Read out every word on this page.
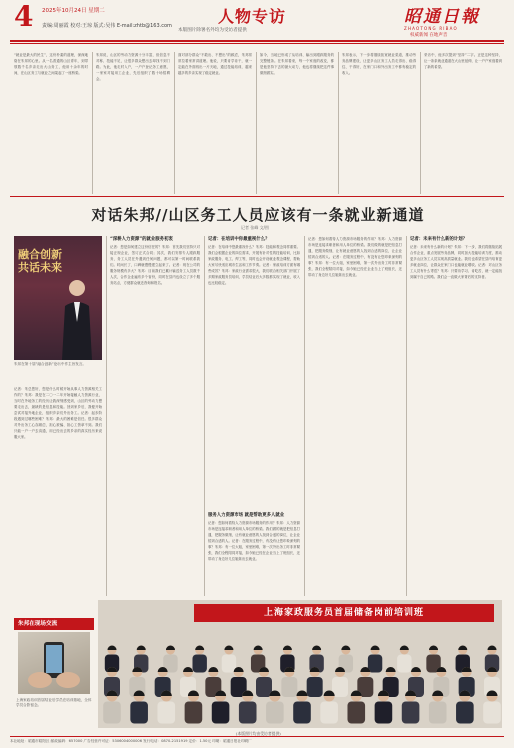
4 2025年10月24日 星期二
责编:周丽霞 校对:王琼 版式:吴伟 E-mail:zhtb@163.com	人物专访
本版图片除署名外均为受访者提供
昭通日報
ZHAOTONG RIBAO
权威新闻 在地声音
“就业是最大的民生”，这份朴素的道理，深深地烙在朱邦的心里。从一名普通的山区青年，到带领数千名乡亲走出大山务工，他用十余年的时间，在山区务工与就业之间架起了一座桥梁。
朱邦说，山区的劳动力资源十分丰富，但信息不对称、技能不足，让很多群众想出去却找不到门路。为此，他走村入户，一户户登记务工意愿，一家家对接用工企业，先后组织了数十场招聘会。
面对部分群众“不敢出、不想出”的顾虑，朱邦常常拉着家常讲道理。他说，只要肯学肯干，就一定能在外面闯出一片天地，通过技能培训，越来越多的乡亲实现了稳定就业。
如今，当地已形成了从培训、输出到跟踪服务的完整链条。在朱邦看来，每一个家庭的改变，都是他坚持下去的最大动力，他也将继续把这件事做细做实。
朱邦表示，下一步将继续拓宽就业渠道，推动劳务品牌建设，让更多山区务工人员走得出、稳得住、干得好，在家门口和外出务工中都有稳定的收入。
采访中，他多次提到“坚持”二字。正是这种坚持，让一条条就业通道在大山里延伸，让一户户家庭看到了新的希望。
对话朱邦//山区务工人员应该有一条就业新通道
记者 张峰 文/图
融合创新
共话未来
朱邦在第十届“融合创新”论坛中作主旨发言。
记者：朱总您好，您是什么时候开始从事人力资源相关工作的？朱邦：我是在二〇一二年开始接触人力资源行业，当时在外地务工的经历让我深刻感受到，山区的劳动力想要走出去，最缺的是信息和技能。回到家乡后，我便开始尝试对接外地企业，组织乡亲们外出务工。记者：起步阶段遇到过哪些困难？朱邦：最大的困难是信任。很多群众对外出务工心存顾虑，担心被骗、担心工资拿不到。我们只能一户一户去沟通，用已经出去的乡亲的真实经历来说服大家。
“深耕人力资源”的就业服务初衷
记者：您是如何建立这份信任的？朱邦：首先我们坚持只对接正规企业，签订正式合同；其次，我们安排专人跟踪服务，务工人员在外遇到任何问题，都可以第一时间联系我们。时间长了，口碑就慢慢建立起来了。记者：现在公司的服务规模有多大？朱邦：目前我们已累计输送务工人员数千人次，合作企业遍布多个省份，同时在县内也设立了多个服务站点，方便群众就近咨询和报名。
记者：在培训中你最重视什么？
记者：在培训中您最重视什么？朱邦：技能和观念同样重要。我们会根据企业的岗位需求，开展有针对性的技能培训，比如家政服务、电工、焊工等，同时也会开设就业观念课程，帮助大家尽快适应城市生活和工作节奏。记者：家政培训方面有哪些成效？朱邦：家政行业需求很大，我们联合相关部门开展了多期家政服务员培训，学员结业后大多数都实现了就业，收入也比较稳定。
服务人力资源市场 就是帮助更多人就业
记者：您如何看待人力资源市场服务的作用？朱邦：人力资源市场是连接求职者和用人单位的桥梁。我们做的就是把信息打通，把服务做细，让有就业意愿的人找到合适的岗位，让企业招到合适的人。记者：在服务过程中，有没有让您印象深刻的事？朱邦：有一位大姐，家里困难，第一次外出务工时非常紧张，我们全程陪同对接，如今她已经在企业当上了班组长，还带动了身边好几位姐妹出去就业。
记者：您如何看待人力资源市场服务的作用？朱邦：人力资源市场是连接求职者和用人单位的桥梁。我们做的就是把信息打通，把服务做细，让有就业意愿的人找到合适的岗位，让企业招到合适的人。记者：在服务过程中，有没有让您印象深刻的事？朱邦：有一位大姐，家里困难，第一次外出务工时非常紧张，我们全程陪同对接，如今她已经在企业当上了班组长，还带动了身边好几位姐妹出去就业。
记者：未来有什么新的计划？
记者：未来有什么新的计划？朱邦：下一步，我们将继续拓展合作企业，重点发展劳务品牌，同时加大技能培训力度，推动更多山区务工人员实现高质量就业。我们也希望在县内培育更多就业岗位，让群众在家门口也能就业增收。记者：对山区务工人员有什么寄语？朱邦：只要肯学习、肯吃苦，就一定能找到属于自己的路。我们会一直做大家背后的支持者。
朱邦在现场交流
上海家政培训首届结业后学员在培训基地，全体学员合影留念。
上海家政服务员首届储备岗前培训班
(本版照片均由受访者提供)
本社地址：昭通市昭阳区 邮政编码：657000 广告经营许可证：5306004000006 发行电话：0870-2151919 定价：1.50元 印刷：昭通日报社印刷厂
